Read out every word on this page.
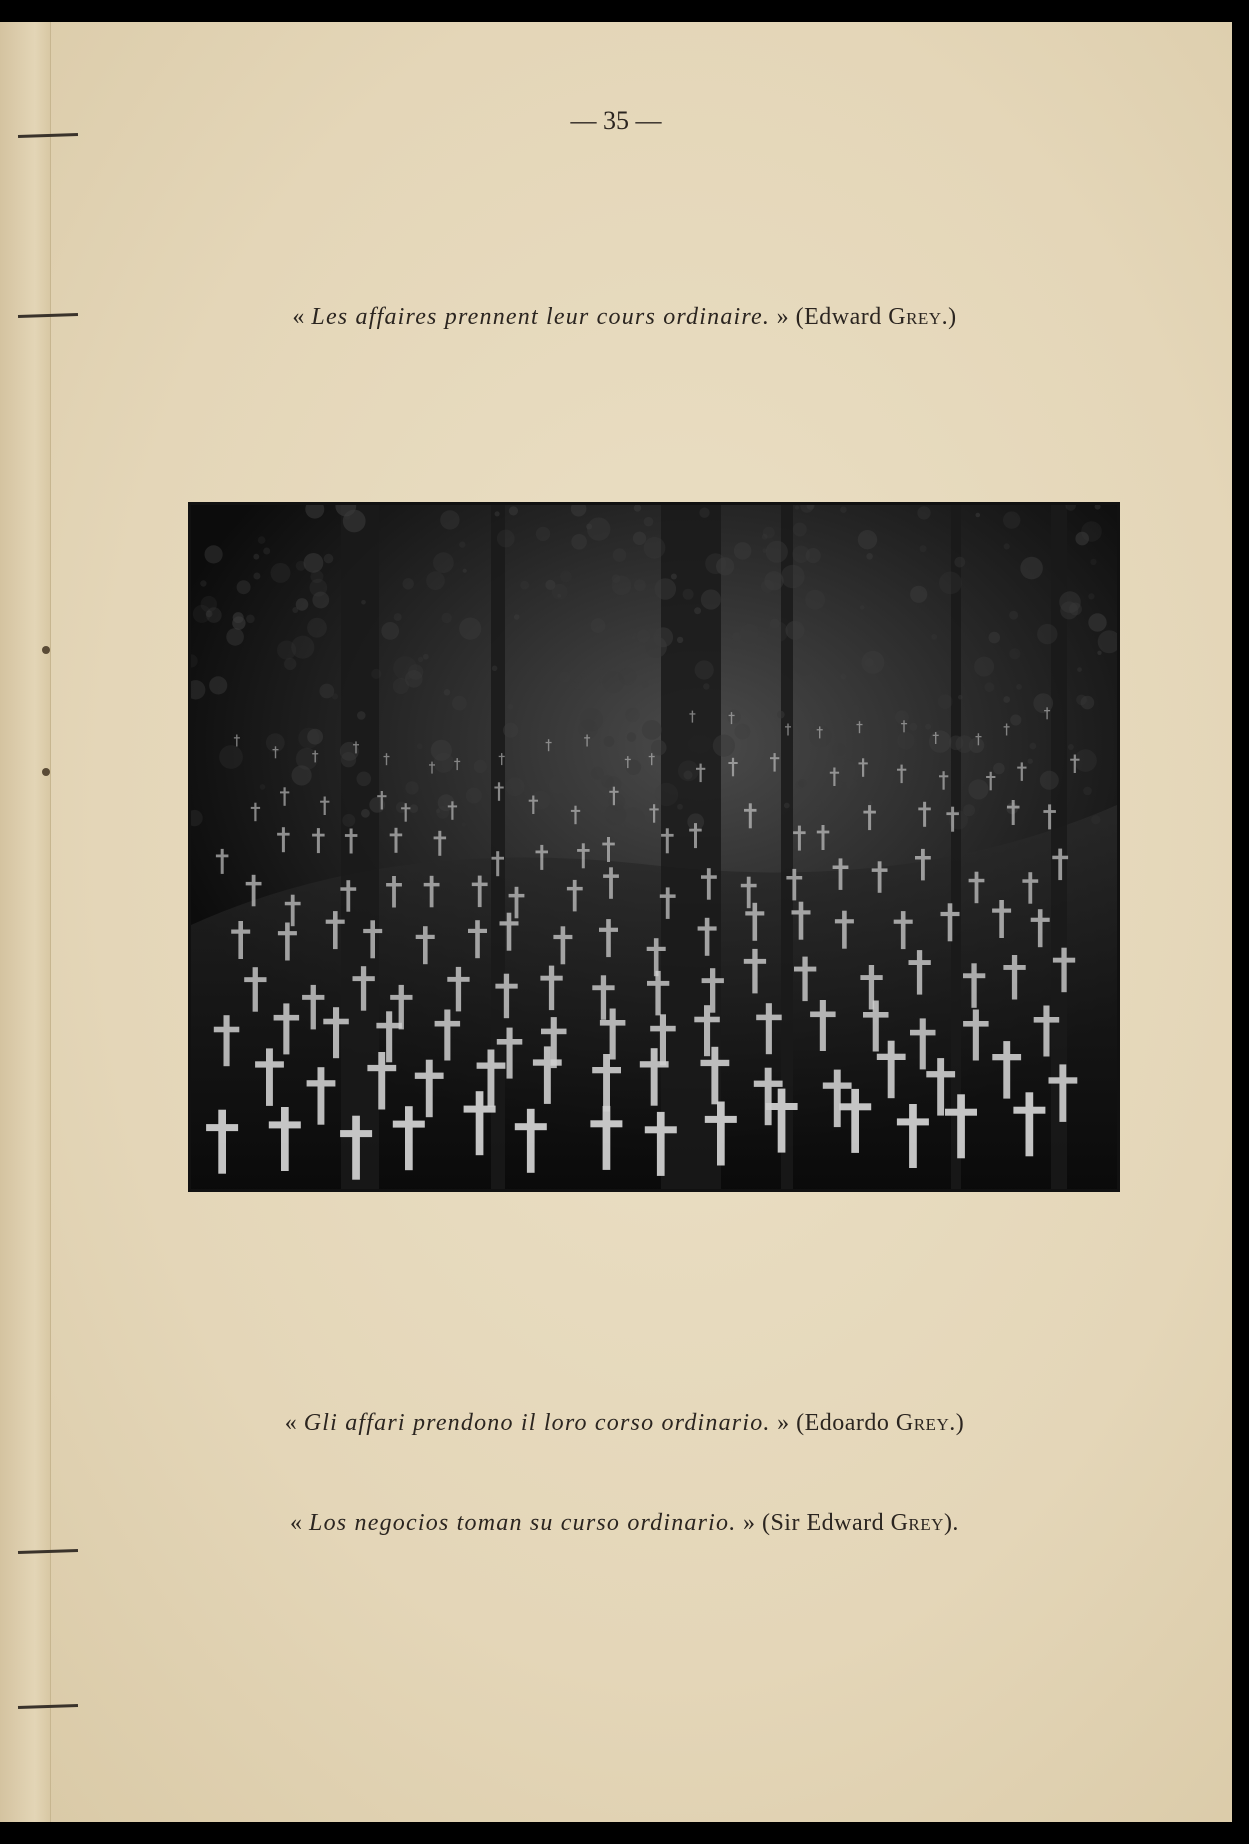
— 35 —
« Les affaires prennent leur cours ordinaire. » (Edward Grey.)
« Gli affari prendono il loro corso ordinario. » (Edoardo Grey.)
« Los negocios toman su curso ordinario. » (Sir Edward Grey).
